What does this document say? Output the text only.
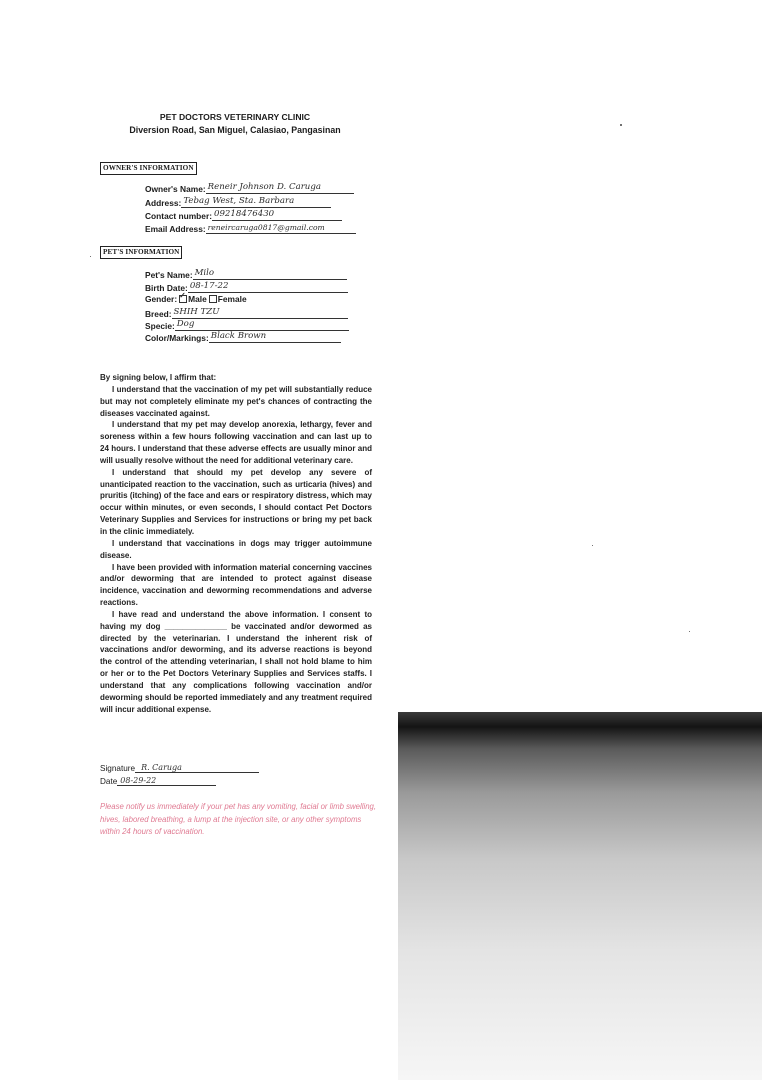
PET DOCTORS VETERINARY CLINIC
Diversion Road, San Miguel, Calasiao, Pangasinan
OWNER'S INFORMATION
Owner's Name: Reneir Johnson D. Caruga
Address: Tebag West, Sta. Barbara
Contact number: 09218476430
Email Address: reneircaruga0817@gmail.com
PET'S INFORMATION
Pet's Name: Milo
Birth Date: 08-17-22
Gender:✓ Male Female
Breed: SHIH TZU
Specie: Dog
Color/Markings: Black Brown

By signing below, I affirm that:

I understand that the vaccination of my pet will substantially reduce but may not completely eliminate my pet's chances of contracting the diseases vaccinated against.

I understand that my pet may develop anorexia, lethargy, fever and soreness within a few hours following vaccination and can last up to 24 hours. I understand that these adverse effects are usually minor and will usually resolve without the need for additional veterinary care.

I understand that should my pet develop any severe of unanticipated reaction to the vaccination, such as urticaria (hives) and pruritis (itching) of the face and ears or respiratory distress, which may occur within minutes, or even seconds, I should contact Pet Doctors Veterinary Supplies and Services for instructions or bring my pet back in the clinic immediately.

I understand that vaccinations in dogs may trigger autoimmune disease.

I have been provided with information material concerning vaccines and/or deworming that are intended to protect against disease incidence, vaccination and deworming recommendations and adverse reactions.

I have read and understand the above information. I consent to having my dog ______________ be vaccinated and/or dewormed as directed by the veterinarian. I understand the inherent risk of vaccinations and/or deworming, and its adverse reactions is beyond the control of the attending veterinarian, I shall not hold blame to him or her or to the Pet Doctors Veterinary Supplies and Services staffs. I understand that any complications following vaccination and/or deworming should be reported immediately and any treatment required will incur additional expense.

Signature R. Caruga
Date 08-29-22
Please notify us immediately if your pet has any vomiting, facial or limb swelling, hives, labored breathing, a lump at the injection site, or any other symptoms within 24 hours of vaccination.
